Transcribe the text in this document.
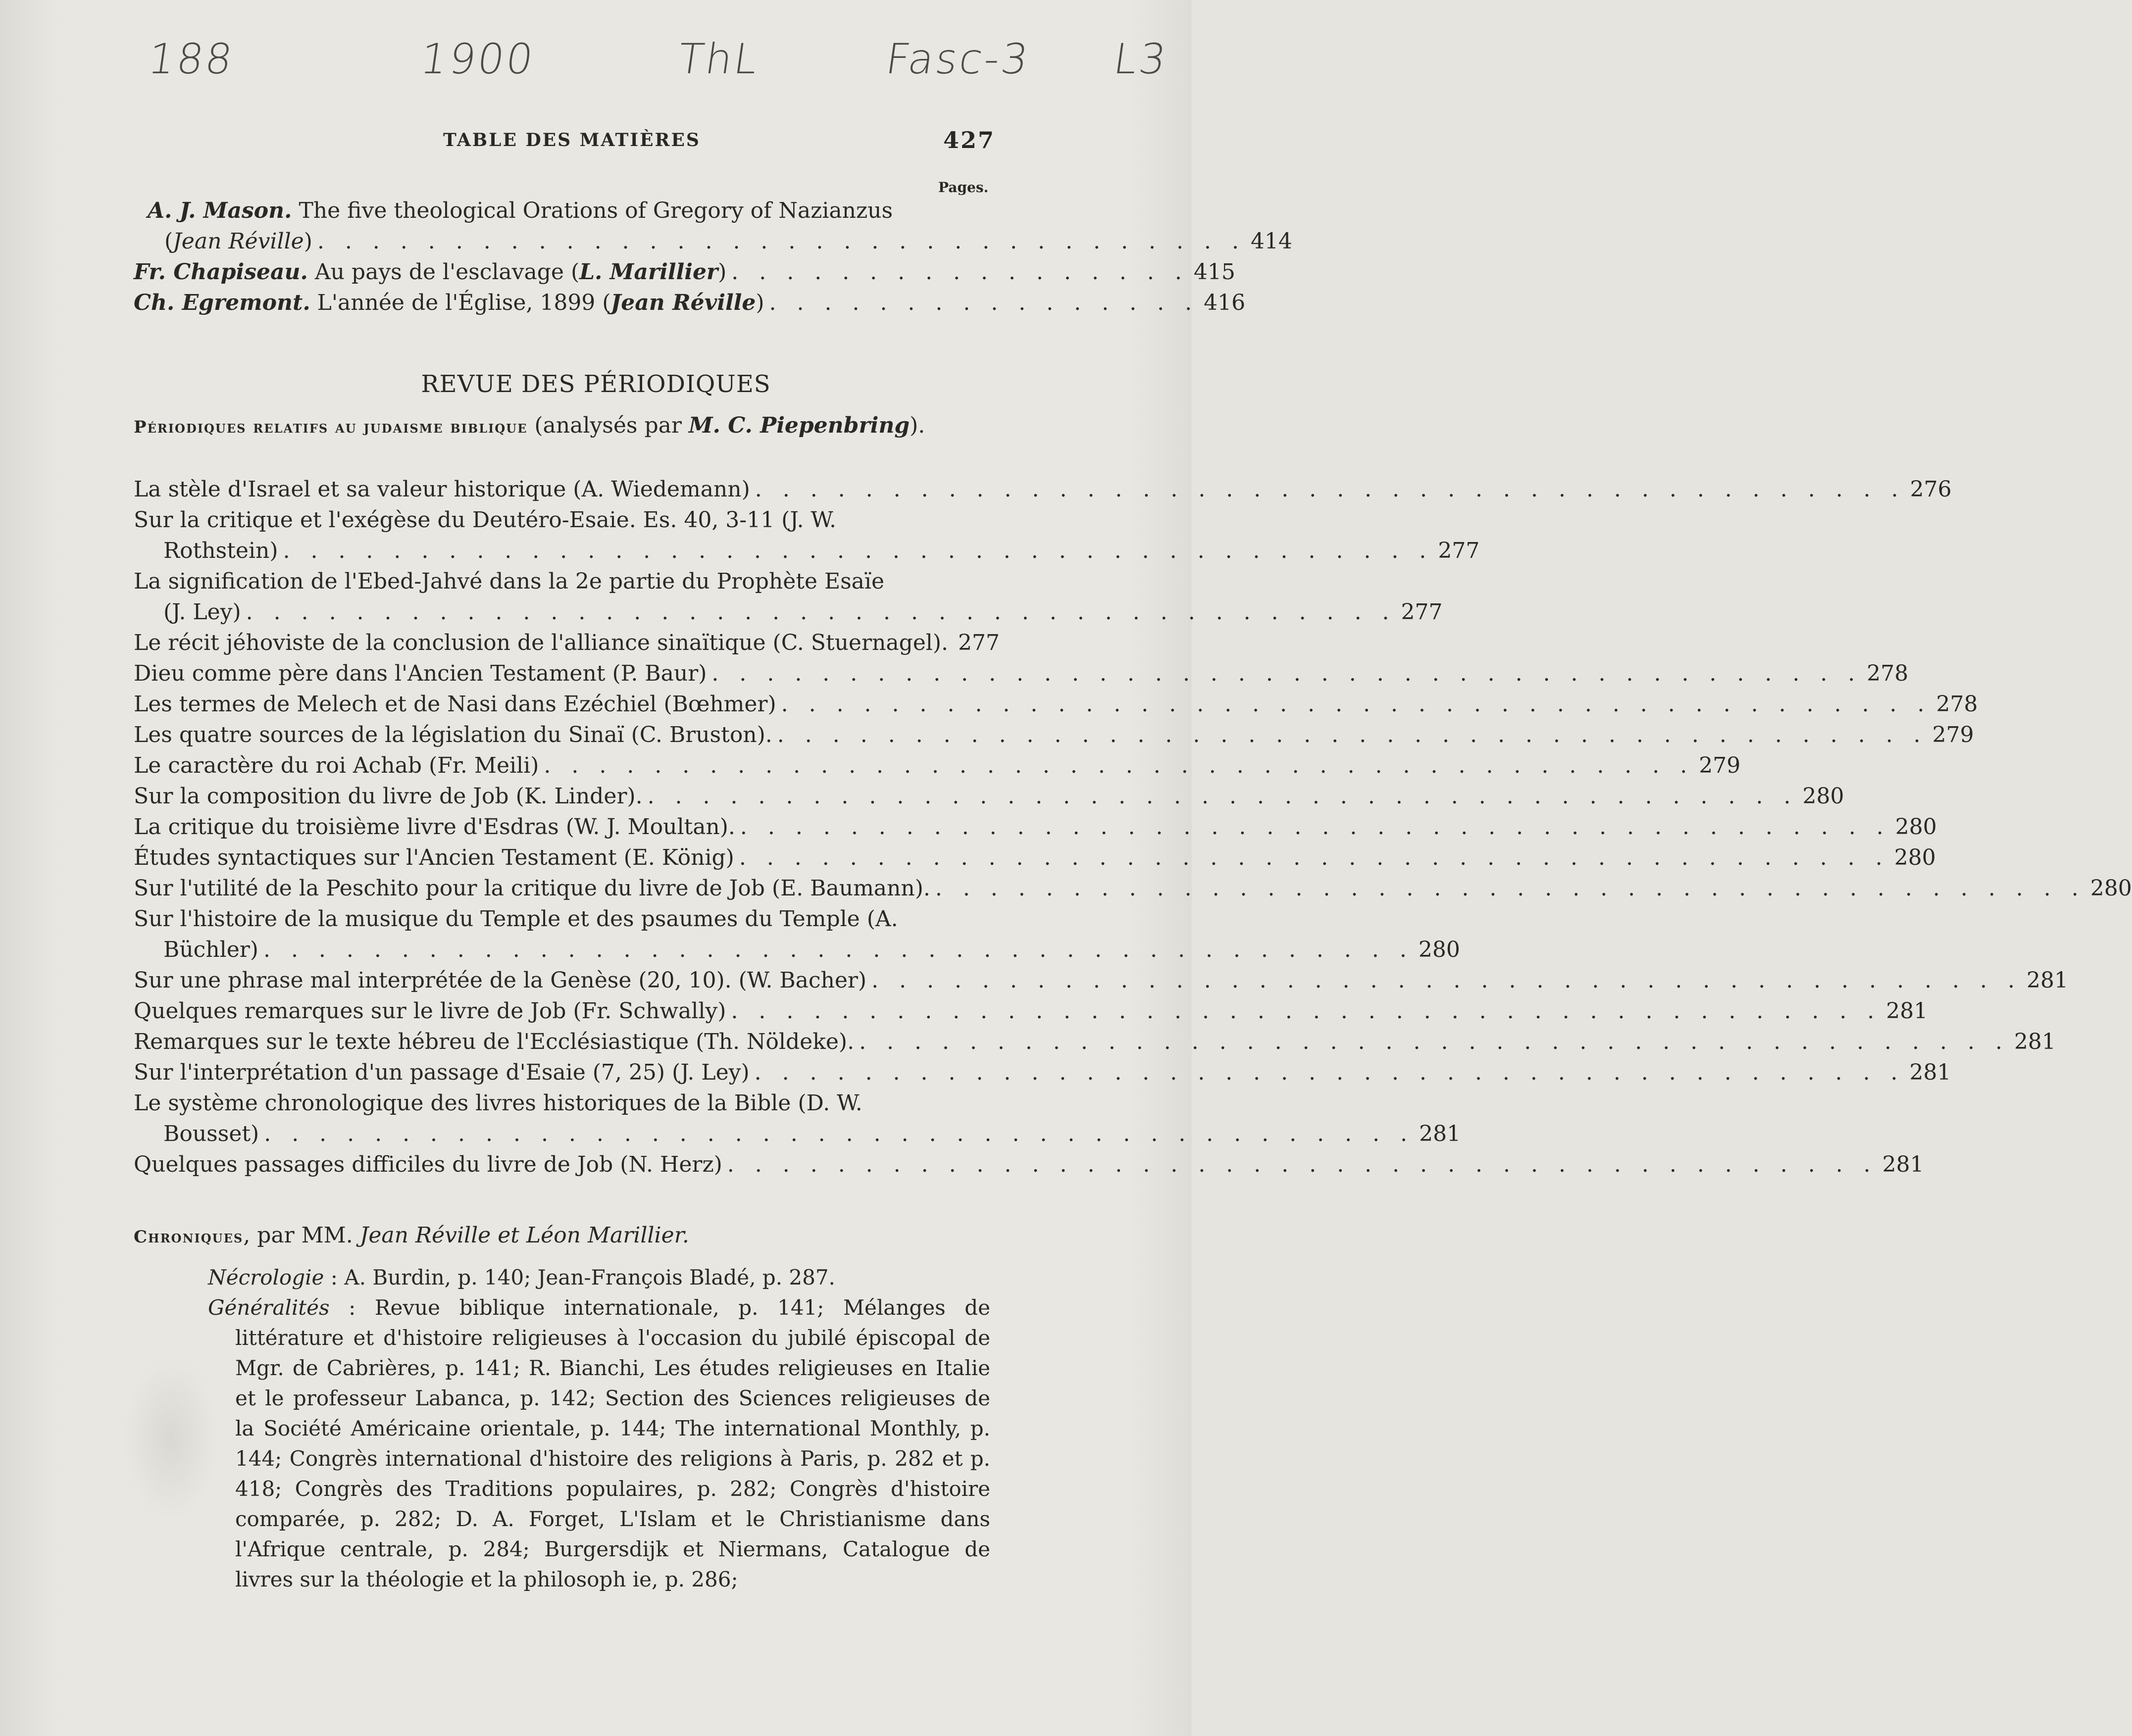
188	1900	ThL	Fasc-3 L3
TABLE DES MATIÈRES	427
Pages.
A. J. Mason. The five theological Orations of Gregory of Nazianzus
(Jean Réville) . . . . . . . . . . . . . . . . . . . . . . . . . . . . . . . . . . 414
Fr. Chapiseau. Au pays de l'esclavage (L. Marillier) . . . . . . . . . . . . . . . . . 415
Ch. Egremont. L'année de l'Église, 1899 (Jean Réville) . . . . . . . . . . . . . . . . 416
REVUE DES PÉRIODIQUES
Périodiques relatifs au judaisme biblique (analysés par M. C. Piepenbring).
La stèle d'Israel et sa valeur historique (A. Wiedemann) . . . . . . . . . . . . . . . . . . . . . . . . . . . . . . . . . . . . . . . . . . 276
Sur la critique et l'exégèse du Deutéro-Esaie. Es. 40, 3-11 (J. W.
Rothstein) . . . . . . . . . . . . . . . . . . . . . . . . . . . . . . . . . . . . . . . . . . 277
La signification de l'Ebed-Jahvé dans la 2e partie du Prophète Esaïe
(J. Ley) . . . . . . . . . . . . . . . . . . . . . . . . . . . . . . . . . . . . . . . . . . 277
Le récit jéhoviste de la conclusion de l'alliance sinaïtique (C. Stuernagel). 277
Dieu comme père dans l'Ancien Testament (P. Baur) . . . . . . . . . . . . . . . . . . . . . . . . . . . . . . . . . . . . . . . . . . 278
Les termes de Melech et de Nasi dans Ezéchiel (Bœhmer) . . . . . . . . . . . . . . . . . . . . . . . . . . . . . . . . . . . . . . . . . . 278
Les quatre sources de la législation du Sinaï (C. Bruston). . . . . . . . . . . . . . . . . . . . . . . . . . . . . . . . . . . . . . . . . . . 279
Le caractère du roi Achab (Fr. Meili) . . . . . . . . . . . . . . . . . . . . . . . . . . . . . . . . . . . . . . . . . . 279
Sur la composition du livre de Job (K. Linder). . . . . . . . . . . . . . . . . . . . . . . . . . . . . . . . . . . . . . . . . . . 280
La critique du troisième livre d'Esdras (W. J. Moultan). . . . . . . . . . . . . . . . . . . . . . . . . . . . . . . . . . . . . . . . . . . 280
Études syntactiques sur l'Ancien Testament (E. König) . . . . . . . . . . . . . . . . . . . . . . . . . . . . . . . . . . . . . . . . . . 280
Sur l'utilité de la Peschito pour la critique du livre de Job (E. Baumann). . . . . . . . . . . . . . . . . . . . . . . . . . . . . . . . . . . . . . . . . . . 280
Sur l'histoire de la musique du Temple et des psaumes du Temple (A.
Büchler) . . . . . . . . . . . . . . . . . . . . . . . . . . . . . . . . . . . . . . . . . . 280
Sur une phrase mal interprétée de la Genèse (20, 10). (W. Bacher) . . . . . . . . . . . . . . . . . . . . . . . . . . . . . . . . . . . . . . . . . . 281
Quelques remarques sur le livre de Job (Fr. Schwally) . . . . . . . . . . . . . . . . . . . . . . . . . . . . . . . . . . . . . . . . . . 281
Remarques sur le texte hébreu de l'Ecclésiastique (Th. Nöldeke). . . . . . . . . . . . . . . . . . . . . . . . . . . . . . . . . . . . . . . . . . . 281
Sur l'interprétation d'un passage d'Esaie (7, 25) (J. Ley) . . . . . . . . . . . . . . . . . . . . . . . . . . . . . . . . . . . . . . . . . . 281
Le système chronologique des livres historiques de la Bible (D. W.
Bousset) . . . . . . . . . . . . . . . . . . . . . . . . . . . . . . . . . . . . . . . . . . 281
Quelques passages difficiles du livre de Job (N. Herz) . . . . . . . . . . . . . . . . . . . . . . . . . . . . . . . . . . . . . . . . . . 281
Chroniques, par MM. Jean Réville et Léon Marillier.
Nécrologie : A. Burdin, p. 140; Jean-François Bladé, p. 287.
Généralités : Revue biblique internationale, p. 141; Mélanges de littérature et d'histoire religieuses à l'occasion du jubilé épiscopal de Mgr. de Cabrières, p. 141; R. Bianchi, Les études religieuses en Italie et le professeur Labanca, p. 142; Section des Sciences religieuses de la Société Américaine orientale, p. 144; The international Monthly, p. 144; Congrès international d'histoire des religions à Paris, p. 282 et p. 418; Congrès des Traditions populaires, p. 282; Congrès d'histoire comparée, p. 282; D. A. Forget, L'Islam et le Christianisme dans l'Afrique centrale, p. 284; Burgersdijk et Niermans, Catalogue de livres sur la théologie et la philosoph ie, p. 286;
